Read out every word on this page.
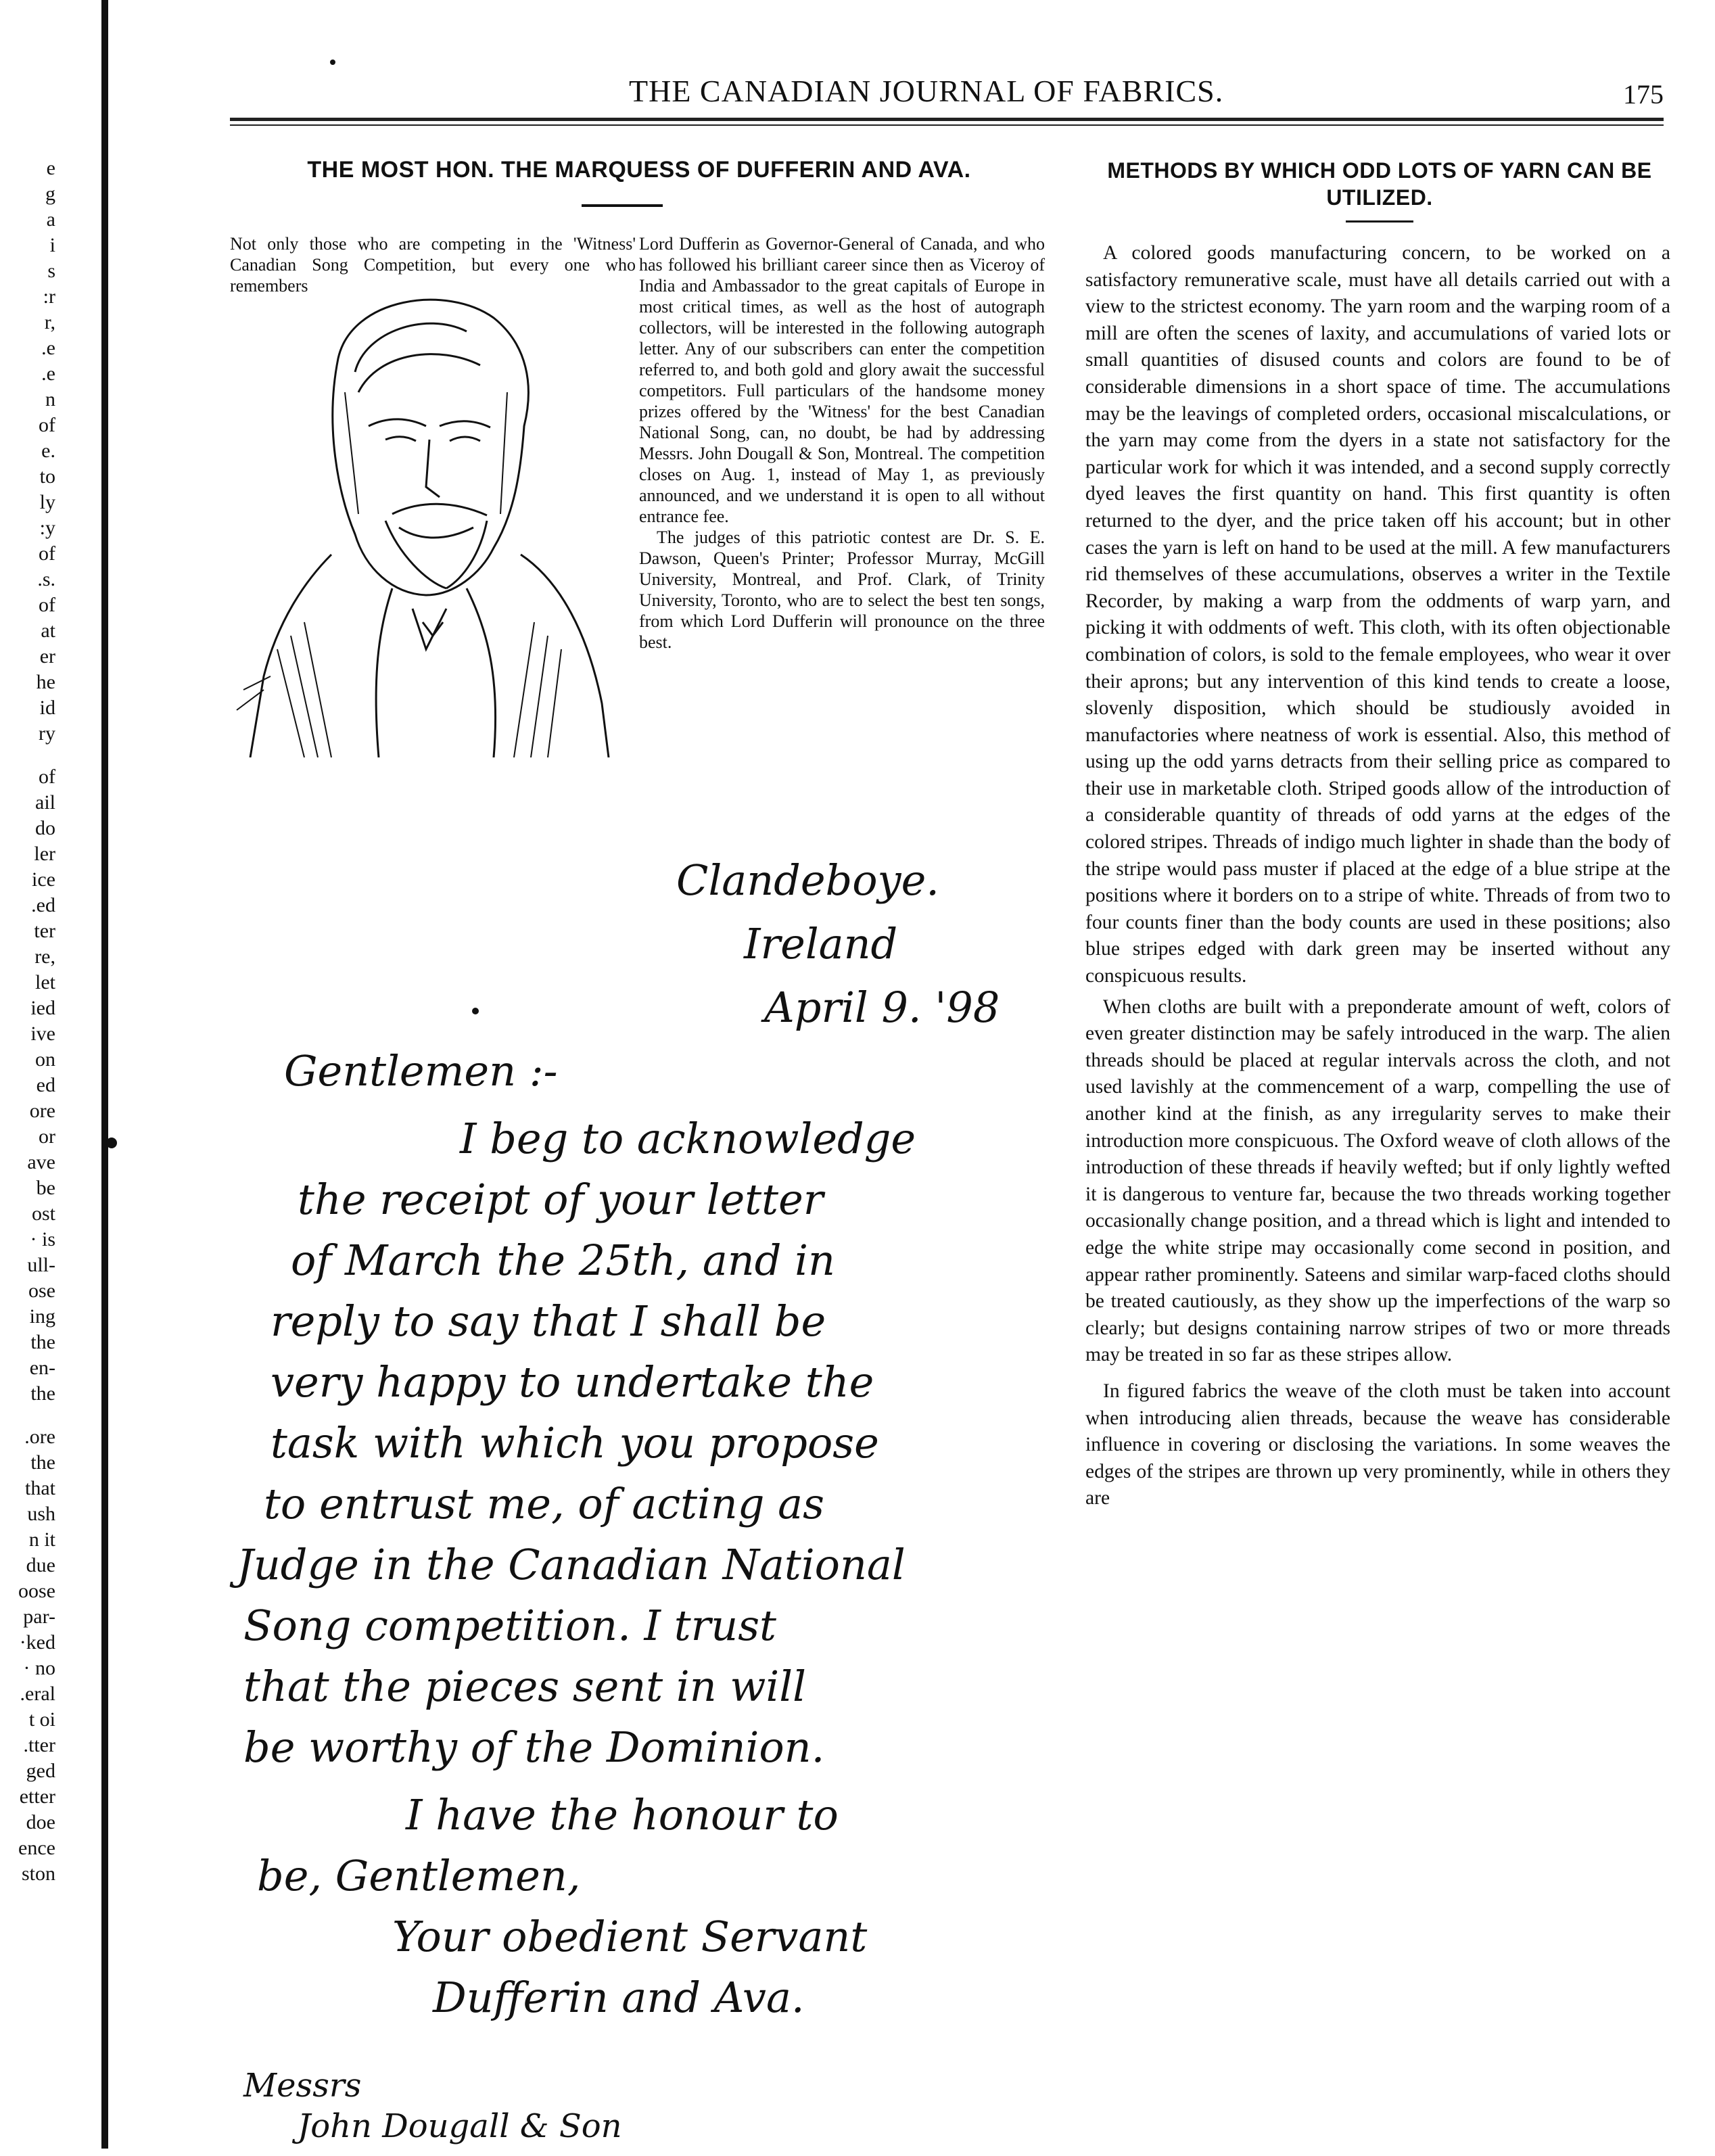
e
g
a
i
s
:r
r,
.e
.e
n
of
e.
to
ly
:y
of
.s.
of
at
er
he
id
ry
of
ail
do
ler
ice
.ed
ter
re,
let
ied
ive
on
ed
ore
or
ave
be
ost
· is
ull-
ose
ing
the
en-
the
.ore
the
that
ush
n it
due
oose
par-
·ked
· no
.eral
t oi
.tter
ged
etter
doe
ence
ston
THE CANADIAN JOURNAL OF FABRICS.	175
THE MOST HON. THE MARQUESS OF DUFFERIN AND AVA.
Not only those who are competing in the 'Witness' Canadian Song Competition, but every one who remembers

Lord Dufferin as Governor-General of Canada, and who has followed his brilliant career since then as Viceroy of India and Ambassador to the great capitals of Europe in most critical times, as well as the host of autograph collectors, will be interested in the following autograph letter. Any of our subscribers can enter the competition referred to, and both gold and glory await the successful competitors. Full particulars of the handsome money prizes offered by the 'Witness' for the best Canadian National Song, can, no doubt, be had by addressing Messrs. John Dougall & Son, Montreal. The competition closes on Aug. 1, instead of May 1, as previously announced, and we understand it is open to all without entrance fee.

The judges of this patriotic contest are Dr. S. E. Dawson, Queen's Printer; Professor Murray, McGill University, Montreal, and Prof. Clark, of Trinity University, Toronto, who are to select the best ten songs, from which Lord Dufferin will pronounce on the three best.

Clandeboye.
Ireland
April 9. '98
Gentlemen :-
I beg to acknowledge
the receipt of your letter
of March the 25th, and in
reply to say that I shall be
very happy to undertake the
task with which you propose
to entrust me, of acting as
Judge in the Canadian National
Song competition. I trust
that the pieces sent in will
be worthy of the Dominion.
I have the honour to
be, Gentlemen,
Your obedient Servant
Dufferin and Ava.
Messrs
John Dougall & Son
METHODS BY WHICH ODD LOTS OF YARN CAN BE UTILIZED.

A colored goods manufacturing concern, to be worked on a satisfactory remunerative scale, must have all details carried out with a view to the strictest economy. The yarn room and the warping room of a mill are often the scenes of laxity, and accumulations of varied lots or small quantities of disused counts and colors are found to be of considerable dimensions in a short space of time. The accumulations may be the leavings of completed orders, occasional miscalculations, or the yarn may come from the dyers in a state not satisfactory for the particular work for which it was intended, and a second supply correctly dyed leaves the first quantity on hand. This first quantity is often returned to the dyer, and the price taken off his account; but in other cases the yarn is left on hand to be used at the mill. A few manufacturers rid themselves of these accumulations, observes a writer in the Textile Recorder, by making a warp from the oddments of warp yarn, and picking it with oddments of weft. This cloth, with its often objectionable combination of colors, is sold to the female employees, who wear it over their aprons; but any intervention of this kind tends to create a loose, slovenly disposition, which should be studiously avoided in manufactories where neatness of work is essential. Also, this method of using up the odd yarns detracts from their selling price as compared to their use in marketable cloth. Striped goods allow of the introduction of a considerable quantity of threads of odd yarns at the edges of the colored stripes. Threads of indigo much lighter in shade than the body of the stripe would pass muster if placed at the edge of a blue stripe at the positions where it borders on to a stripe of white. Threads of from two to four counts finer than the body counts are used in these positions; also blue stripes edged with dark green may be inserted without any conspicuous results.

When cloths are built with a preponderate amount of weft, colors of even greater distinction may be safely introduced in the warp. The alien threads should be placed at regular intervals across the cloth, and not used lavishly at the commencement of a warp, compelling the use of another kind at the finish, as any irregularity serves to make their introduction more conspicuous. The Oxford weave of cloth allows of the introduction of these threads if heavily wefted; but if only lightly wefted it is dangerous to venture far, because the two threads working together occasionally change position, and a thread which is light and intended to edge the white stripe may occasionally come second in position, and appear rather prominently. Sateens and similar warp-faced cloths should be treated cautiously, as they show up the imperfections of the warp so clearly; but designs containing narrow stripes of two or more threads may be treated in so far as these stripes allow.

In figured fabrics the weave of the cloth must be taken into account when introducing alien threads, because the weave has considerable influence in covering or disclosing the variations. In some weaves the edges of the stripes are thrown up very prominently, while in others they are
